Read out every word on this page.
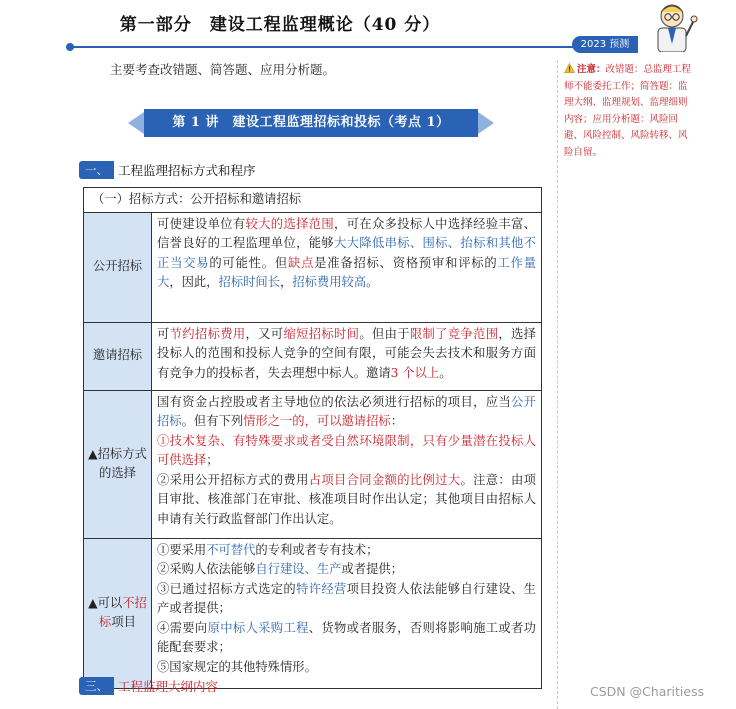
第一部分　建设工程监理概论（40 分）
2023 预测
主要考查改错题、简答题、应用分析题。
第 1 讲　建设工程监理招标和投标（考点 1）
一、 工程监理招标方式和程序
（一）招标方式：公开招标和邀请招标	
公开招标	可使建设单位有较大的选择范围，可在众多投标人中选择经验丰富、信誉良好的工程监理单位，能够大大降低串标、围标、抬标和其他不正当交易的可能性。但缺点是准备招标、资格预审和评标的工作量大，因此，招标时间长，招标费用较高。
邀请招标	可节约招标费用，又可缩短招标时间。但由于限制了竞争范围，选择投标人的范围和投标人竞争的空间有限，可能会失去技术和服务方面有竞争力的投标者，失去理想中标人。邀请3 个以上。
▲招标方式的选择	国有资金占控股或者主导地位的依法必须进行招标的项目，应当公开招标。但有下列情形之一的，可以邀请招标：
①技术复杂、有特殊要求或者受自然环境限制，只有少量潜在投标人可供选择；
②采用公开招标方式的费用占项目合同金额的比例过大。注意：由项目审批、核准部门在审批、核准项目时作出认定；其他项目由招标人申请有关行政监督部门作出认定。
▲可以不招标项目	①要采用不可替代的专利或者专有技术；
②采购人依法能够自行建设、生产或者提供；
③已通过招标方式选定的特许经营项目投资人依法能够自行建设、生产或者提供；
④需要向原中标人采购工程、货物或者服务，否则将影响施工或者功能配套要求；
⑤国家规定的其他特殊情形。
三、 工程监理大纲内容
注意：改错题：总监理工程师不能委托工作；简答题：监理大纲、监理规划、监理细则内容；应用分析题：风险回避、风险控制、风险转移、风险自留。
CSDN @Charitiess
